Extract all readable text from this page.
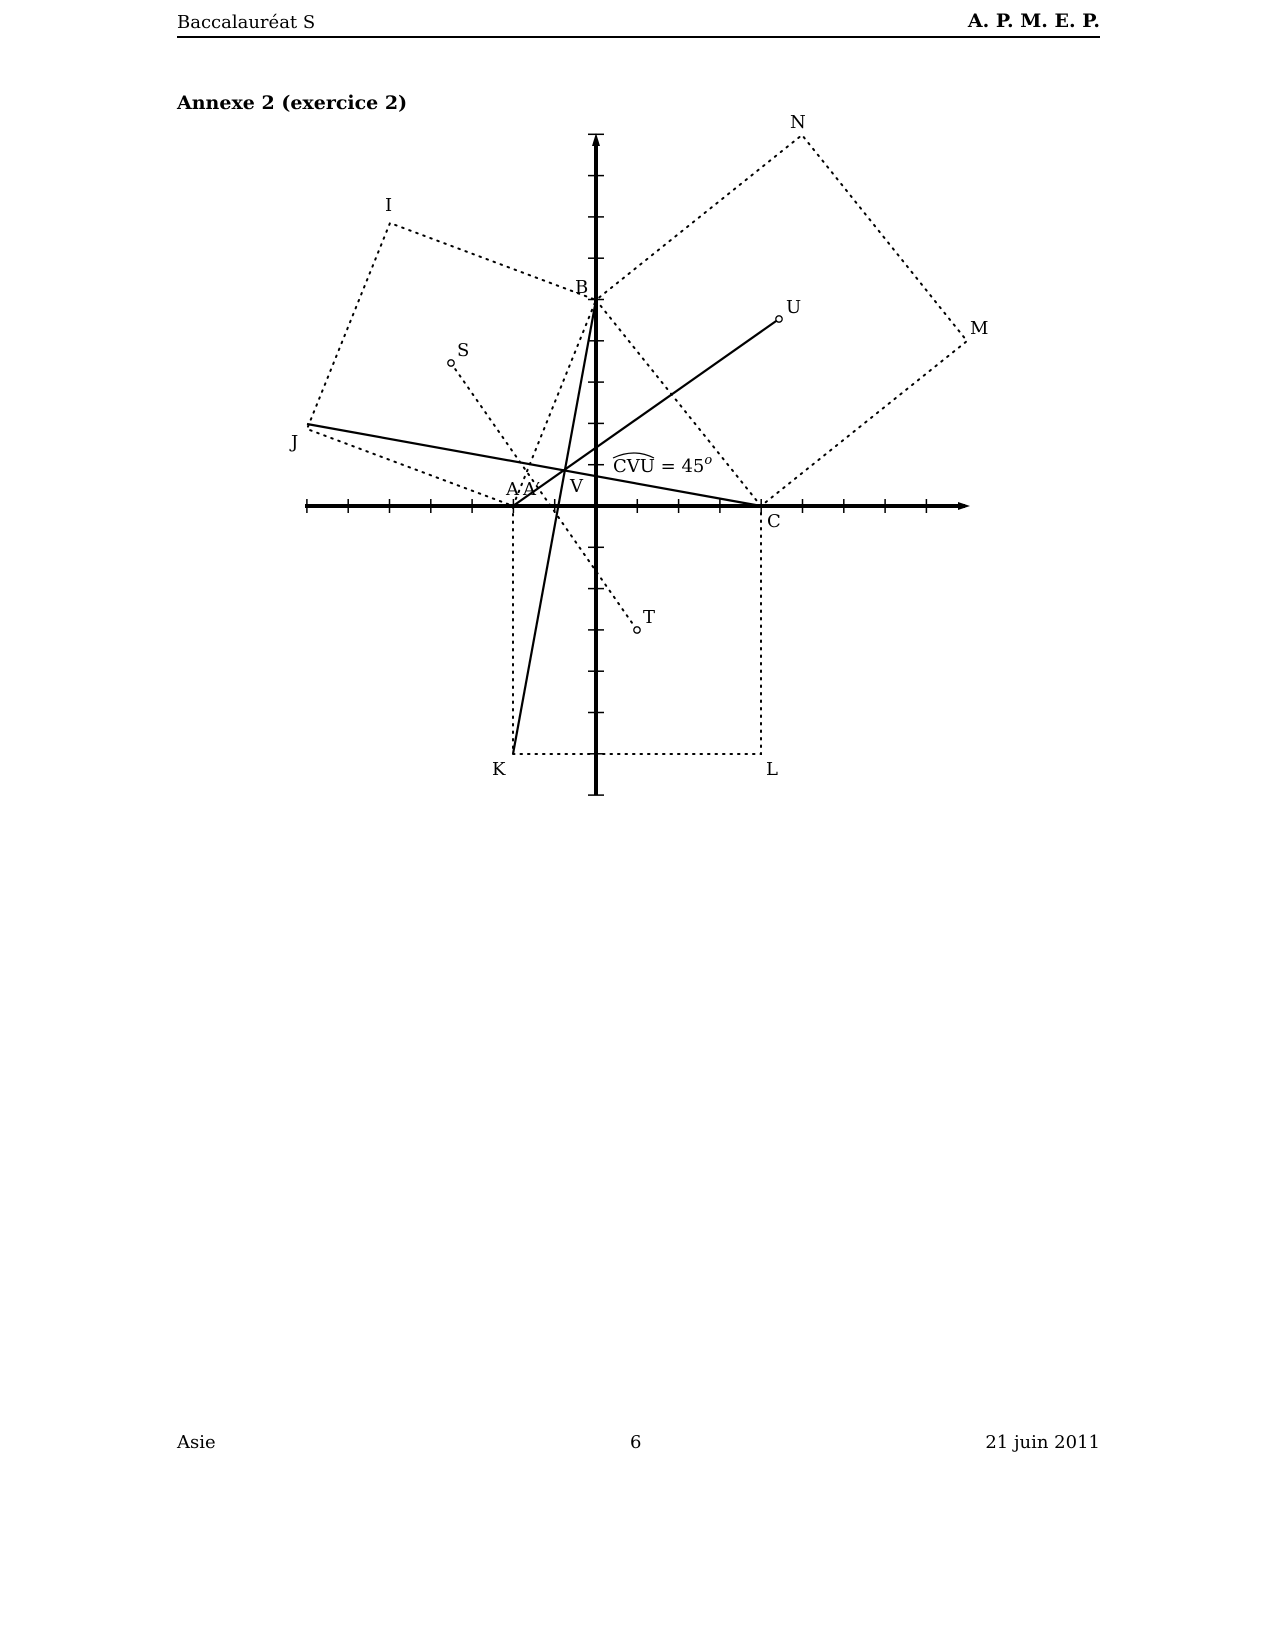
Baccalauréat S	A. P. M. E. P.
Annexe 2 (exercice 2)
N
I
B
U
M
S
J
A A′ V
C
T
K	L
CVU = $45^o$
Asie	6	21 juin 2011
